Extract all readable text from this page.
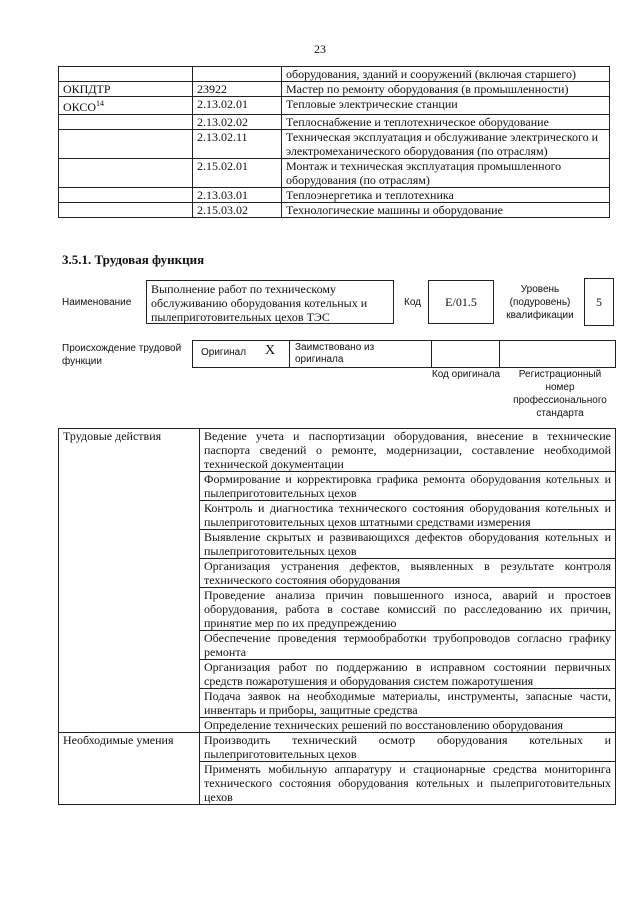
23
		оборудования, зданий и сооружений (включая старшего)
ОКПДТР	23922	Мастер по ремонту оборудования (в промышленности)
ОКСО$^{14}$	2.13.02.01	Тепловые электрические станции
	2.13.02.02	Теплоснабжение и теплотехническое оборудование
	2.13.02.11	Техническая эксплуатация и обслуживание электрического и электромеханического оборудования (по отраслям)
	2.15.02.01	Монтаж и техническая эксплуатация промышленного оборудования (по отраслям)
	2.13.03.01	Теплоэнергетика и теплотехника
	2.15.03.02	Технологические машины и оборудование
3.5.1. Трудовая функция
Наименование
Выполнение работ по техническому обслуживанию оборудования котельных и пылеприготовительных цехов ТЭС
Код	E/01.5
Уровень (подуровень) квалификации
5
Происхождение трудовой функции
Оригинал X Заимствовано из оригинала
Код оригинала	Регистрационный номер профессионального стандарта
Трудовые действия	Ведение учета и паспортизации оборудования, внесение в технические паспорта сведений о ремонте, модернизации, составление необходимой технической документации
	Формирование и корректировка графика ремонта оборудования котельных и пылеприготовительных цехов
	Контроль и диагностика технического состояния оборудования котельных и пылеприготовительных цехов штатными средствами измерения
	Выявление скрытых и развивающихся дефектов оборудования котельных и пылеприготовительных цехов
	Организация устранения дефектов, выявленных в результате контроля технического состояния оборудования
	Проведение анализа причин повышенного износа, аварий и простоев оборудования, работа в составе комиссий по расследованию их причин, принятие мер по их предупреждению
	Обеспечение проведения термообработки трубопроводов согласно графику ремонта
	Организация работ по поддержанию в исправном состоянии первичных средств пожаротушения и оборудования систем пожаротушения
	Подача заявок на необходимые материалы, инструменты, запасные части, инвентарь и приборы, защитные средства
	Определение технических решений по восстановлению оборудования
Необходимые умения	Производить технический осмотр оборудования котельных и пылеприготовительных цехов
	Применять мобильную аппаратуру и стационарные средства мониторинга технического состояния оборудования котельных и пылеприготовительных цехов
